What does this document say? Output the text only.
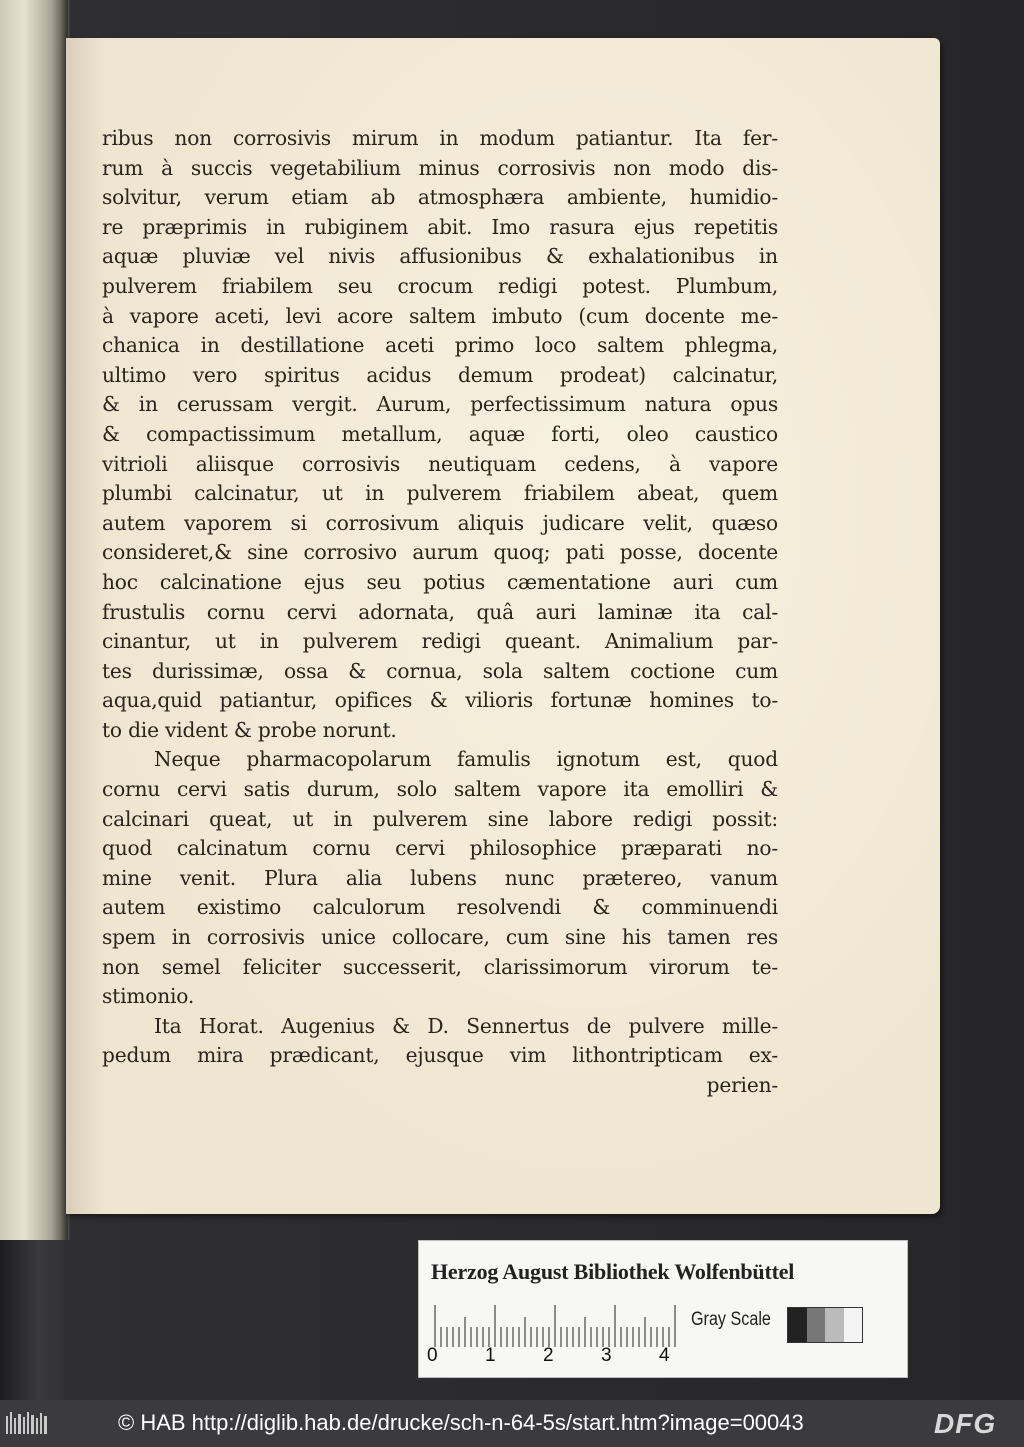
ribus non corrosivis mirum in modum patiantur. Ita fer-
rum à succis vegetabilium minus corrosivis non modo dis-
solvitur, verum etiam ab atmosphæra ambiente, humidio-
re præprimis in rubiginem abit. Imo rasura ejus repetitis
aquæ pluviæ vel nivis affusionibus & exhalationibus in
pulverem friabilem seu crocum redigi potest. Plumbum,
à vapore aceti, levi acore saltem imbuto (cum docente me-
chanica in destillatione aceti primo loco saltem phlegma,
ultimo vero spiritus acidus demum prodeat) calcinatur,
& in cerussam vergit. Aurum, perfectissimum natura opus
& compactissimum metallum, aquæ forti, oleo caustico
vitrioli aliisque corrosivis neutiquam cedens, à vapore
plumbi calcinatur, ut in pulverem friabilem abeat, quem
autem vaporem si corrosivum aliquis judicare velit, quæso
consideret,& sine corrosivo aurum quoq; pati posse, docente
hoc calcinatione ejus seu potius cæmentatione auri cum
frustulis cornu cervi adornata, quâ auri laminæ ita cal-
cinantur, ut in pulverem redigi queant. Animalium par-
tes durissimæ, ossa & cornua, sola saltem coctione cum
aqua,quid patiantur, opifices & vilioris fortunæ homines to-
to die vident & probe norunt.
Neque pharmacopolarum famulis ignotum est, quod
cornu cervi satis durum, solo saltem vapore ita emolliri &
calcinari queat, ut in pulverem sine labore redigi possit:
quod calcinatum cornu cervi philosophice præparati no-
mine venit. Plura alia lubens nunc prætereo, vanum
autem existimo calculorum resolvendi & comminuendi
spem in corrosivis unice collocare, cum sine his tamen res
non semel feliciter successerit, clarissimorum virorum te-
stimonio.
Ita Horat. Augenius & D. Sennertus de pulvere mille-
pedum mira prædicant, ejusque vim lithontripticam ex-
perien-
Herzog August Bibliothek Wolfenbüttel
0 1 2 3 4
Gray Scale
© HAB http://diglib.hab.de/drucke/sch-n-64-5s/start.htm?image=00043	DFG
